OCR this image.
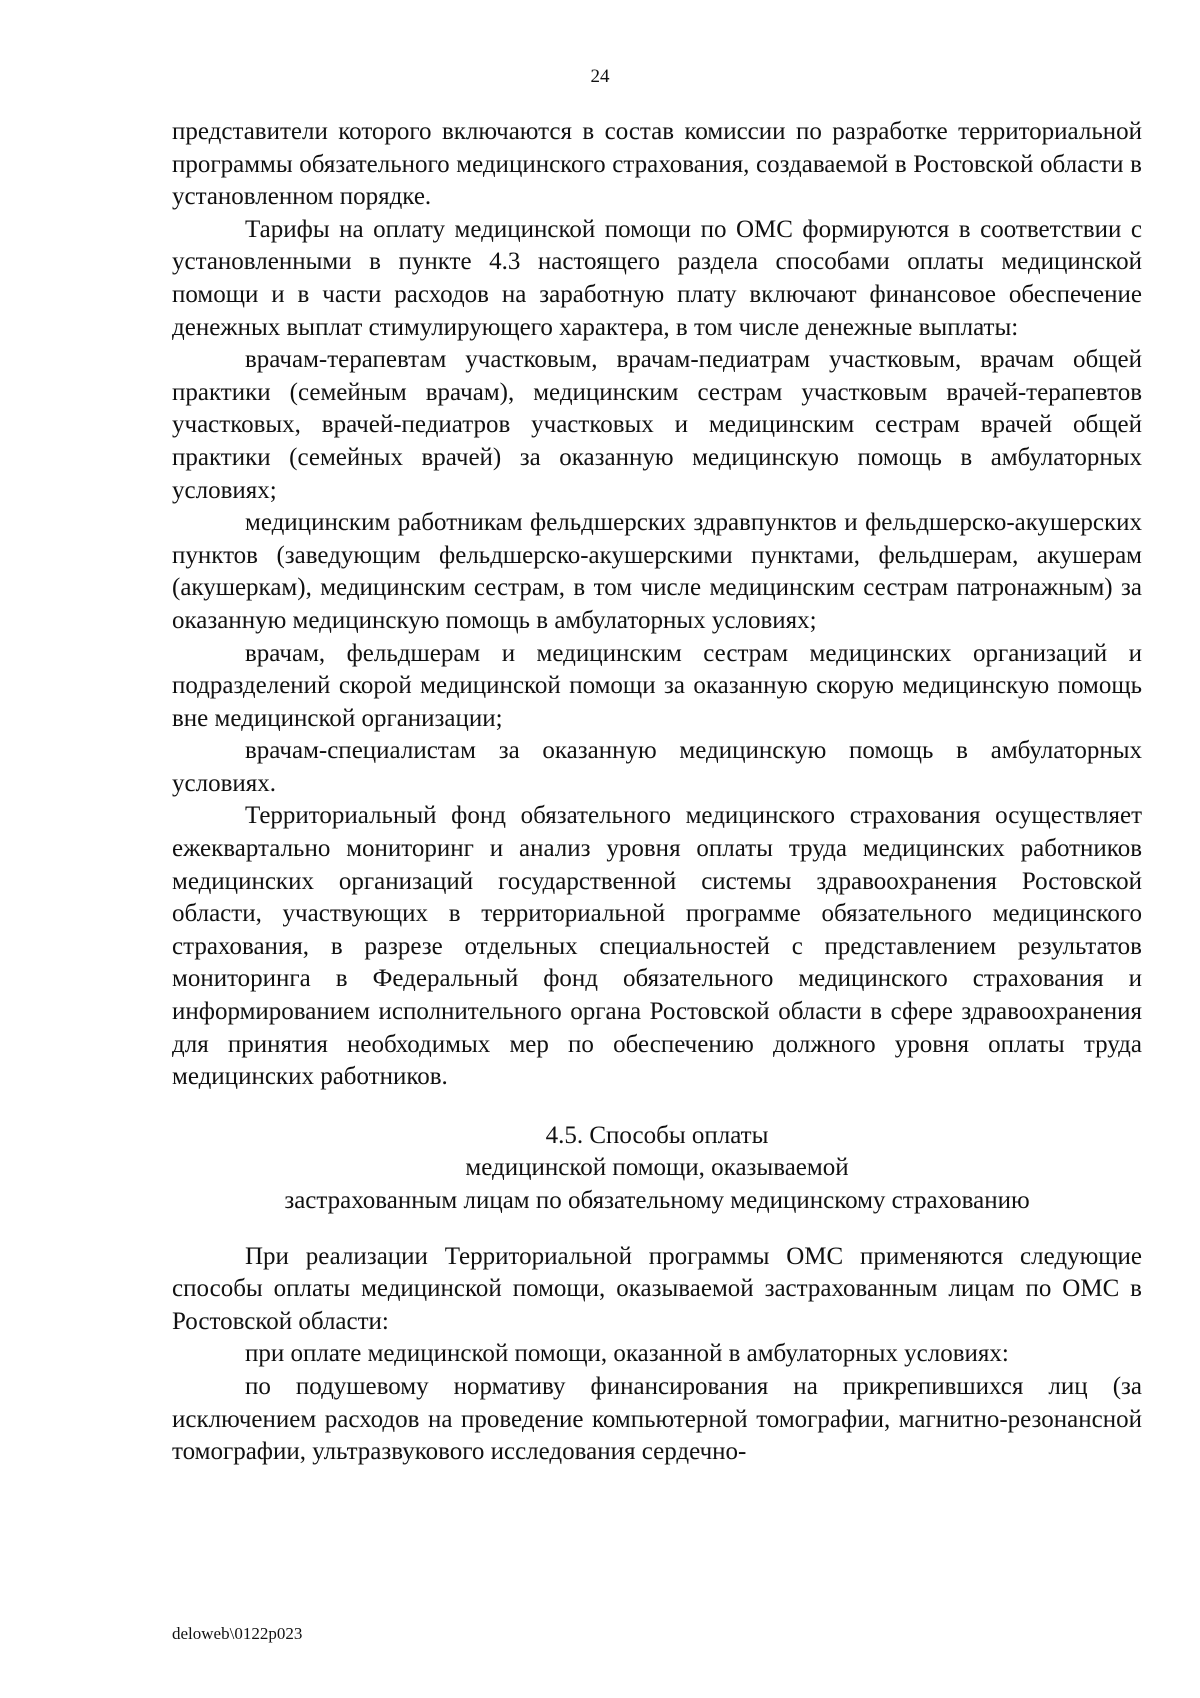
24

представители которого включаются в состав комиссии по разработке территориальной программы обязательного медицинского страхования, создаваемой в Ростовской области в установленном порядке.

Тарифы на оплату медицинской помощи по ОМС формируются в соответствии с установленными в пункте 4.3 настоящего раздела способами оплаты медицинской помощи и в части расходов на заработную плату включают финансовое обеспечение денежных выплат стимулирующего характера, в том числе денежные выплаты:

врачам-терапевтам участковым, врачам-педиатрам участковым, врачам общей практики (семейным врачам), медицинским сестрам участковым врачей-терапевтов участковых, врачей-педиатров участковых и медицинским сестрам врачей общей практики (семейных врачей) за оказанную медицинскую помощь в амбулаторных условиях;

медицинским работникам фельдшерских здравпунктов и фельдшерско-акушерских пунктов (заведующим фельдшерско-акушерскими пунктами, фельдшерам, акушерам (акушеркам), медицинским сестрам, в том числе медицинским сестрам патронажным) за оказанную медицинскую помощь в амбулаторных условиях;

врачам, фельдшерам и медицинским сестрам медицинских организаций и подразделений скорой медицинской помощи за оказанную скорую медицинскую помощь вне медицинской организации;

врачам-специалистам за оказанную медицинскую помощь в амбулаторных условиях.

Территориальный фонд обязательного медицинского страхования осуществляет ежеквартально мониторинг и анализ уровня оплаты труда медицинских работников медицинских организаций государственной системы здравоохранения Ростовской области, участвующих в территориальной программе обязательного медицинского страхования, в разрезе отдельных специальностей с представлением результатов мониторинга в Федеральный фонд обязательного медицинского страхования и информированием исполнительного органа Ростовской области в сфере здравоохранения для принятия необходимых мер по обеспечению должного уровня оплаты труда медицинских работников.

4.5. Способы оплаты
медицинской помощи, оказываемой
застрахованным лицам по обязательному медицинскому страхованию

При реализации Территориальной программы ОМС применяются следующие способы оплаты медицинской помощи, оказываемой застрахованным лицам по ОМС в Ростовской области:

при оплате медицинской помощи, оказанной в амбулаторных условиях:

по подушевому нормативу финансирования на прикрепившихся лиц (за исключением расходов на проведение компьютерной томографии, магнитно-резонансной томографии, ультразвукового исследования сердечно-

deloweb\0122p023
